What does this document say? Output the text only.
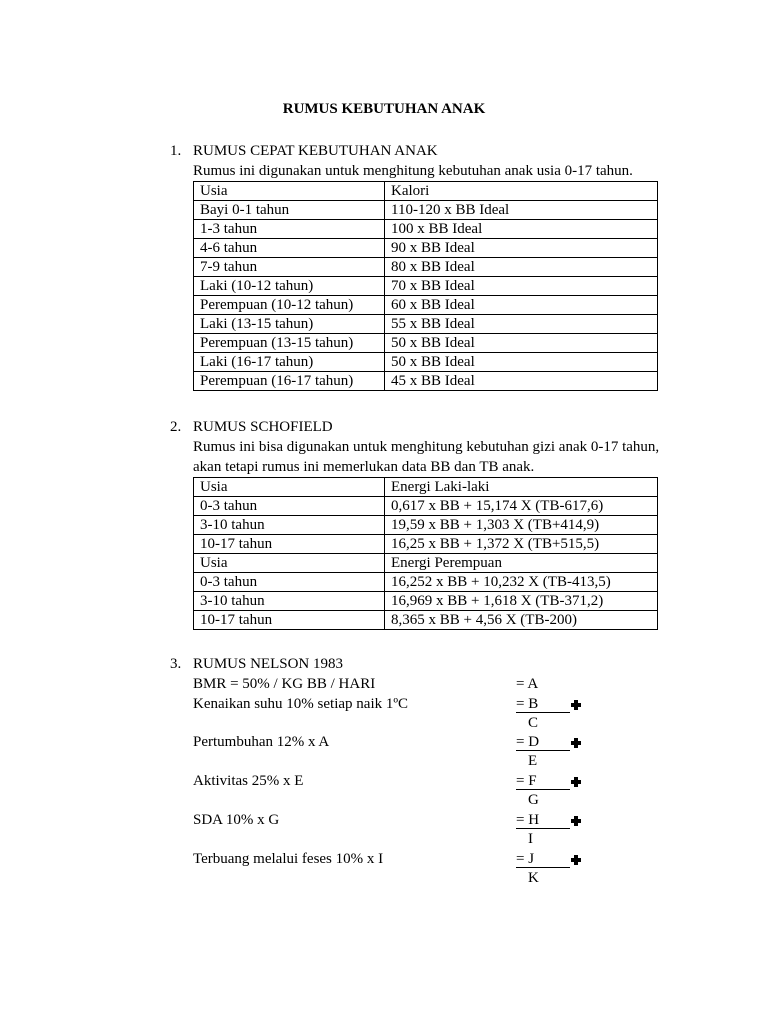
RUMUS KEBUTUHAN ANAK
1. RUMUS CEPAT KEBUTUHAN ANAK
Rumus ini digunakan untuk menghitung kebutuhan anak usia 0-17 tahun.
Usia	Kalori
Bayi 0-1 tahun	110-120 x BB Ideal
1-3 tahun	100 x BB Ideal
4-6 tahun	90 x BB Ideal
7-9 tahun	80 x BB Ideal
Laki (10-12 tahun)	70 x BB Ideal
Perempuan (10-12 tahun)	60 x BB Ideal
Laki (13-15 tahun)	55 x BB Ideal
Perempuan (13-15 tahun)	50 x BB Ideal
Laki (16-17 tahun)	50 x BB Ideal
Perempuan (16-17 tahun)	45 x BB Ideal
2. RUMUS SCHOFIELD
Rumus ini bisa digunakan untuk menghitung kebutuhan gizi anak 0-17 tahun, akan tetapi rumus ini memerlukan data BB dan TB anak.
Usia	Energi Laki-laki
0-3 tahun	0,617 x BB + 15,174 X (TB-617,6)
3-10 tahun	19,59 x BB + 1,303 X (TB+414,9)
10-17 tahun	16,25 x BB + 1,372 X (TB+515,5)
Usia	Energi Perempuan
0-3 tahun	16,252 x BB + 10,232 X (TB-413,5)
3-10 tahun	16,969 x BB + 1,618 X (TB-371,2)
10-17 tahun	8,365 x BB + 4,56 X (TB-200)
3. RUMUS NELSON 1983
BMR = 50% / KG BB / HARI	= A
Kenaikan suhu 10% setiap naik 1ºC	= B
C
Pertumbuhan 12% x A	= D
E
Aktivitas 25% x E	= F
G
SDA 10% x G	= H
I
Terbuang melalui feses 10% x I	= J
K
